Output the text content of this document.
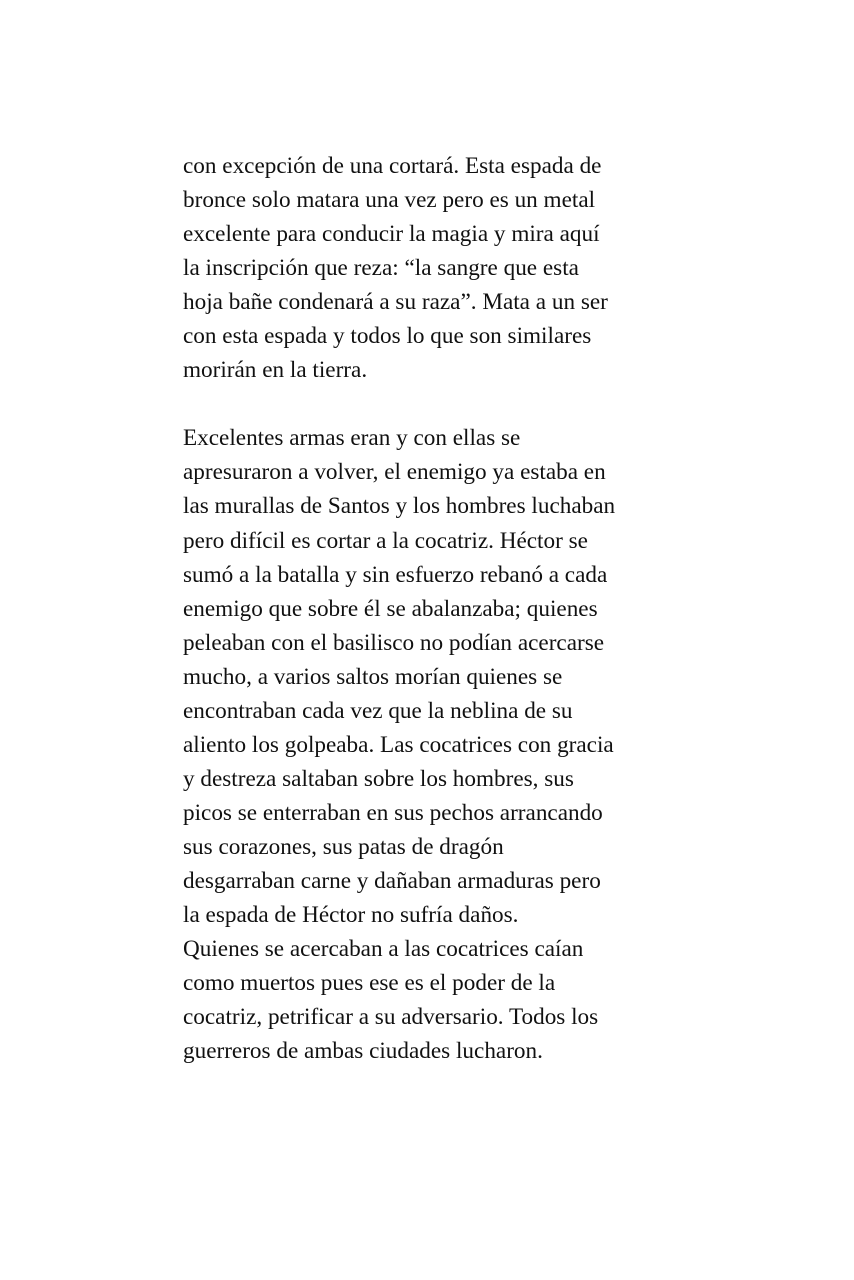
con excepción de una cortará. Esta espada de
bronce solo matara una vez pero es un metal
excelente para conducir la magia y mira aquí
la inscripción que reza: “la sangre que esta
hoja bañe condenará a su raza”. Mata a un ser
con esta espada y todos lo que son similares
morirán en la tierra.
Excelentes armas eran y con ellas se
apresuraron a volver, el enemigo ya estaba en
las murallas de Santos y los hombres luchaban
pero difícil es cortar a la cocatriz. Héctor se
sumó a la batalla y sin esfuerzo rebanó a cada
enemigo que sobre él se abalanzaba; quienes
peleaban con el basilisco no podían acercarse
mucho, a varios saltos morían quienes se
encontraban cada vez que la neblina de su
aliento los golpeaba. Las cocatrices con gracia
y destreza saltaban sobre los hombres, sus
picos se enterraban en sus pechos arrancando
sus corazones, sus patas de dragón
desgarraban carne y dañaban armaduras pero
la espada de Héctor no sufría daños.
Quienes se acercaban a las cocatrices caían
como muertos pues ese es el poder de la
cocatriz, petrificar a su adversario. Todos los
guerreros de ambas ciudades lucharon.
